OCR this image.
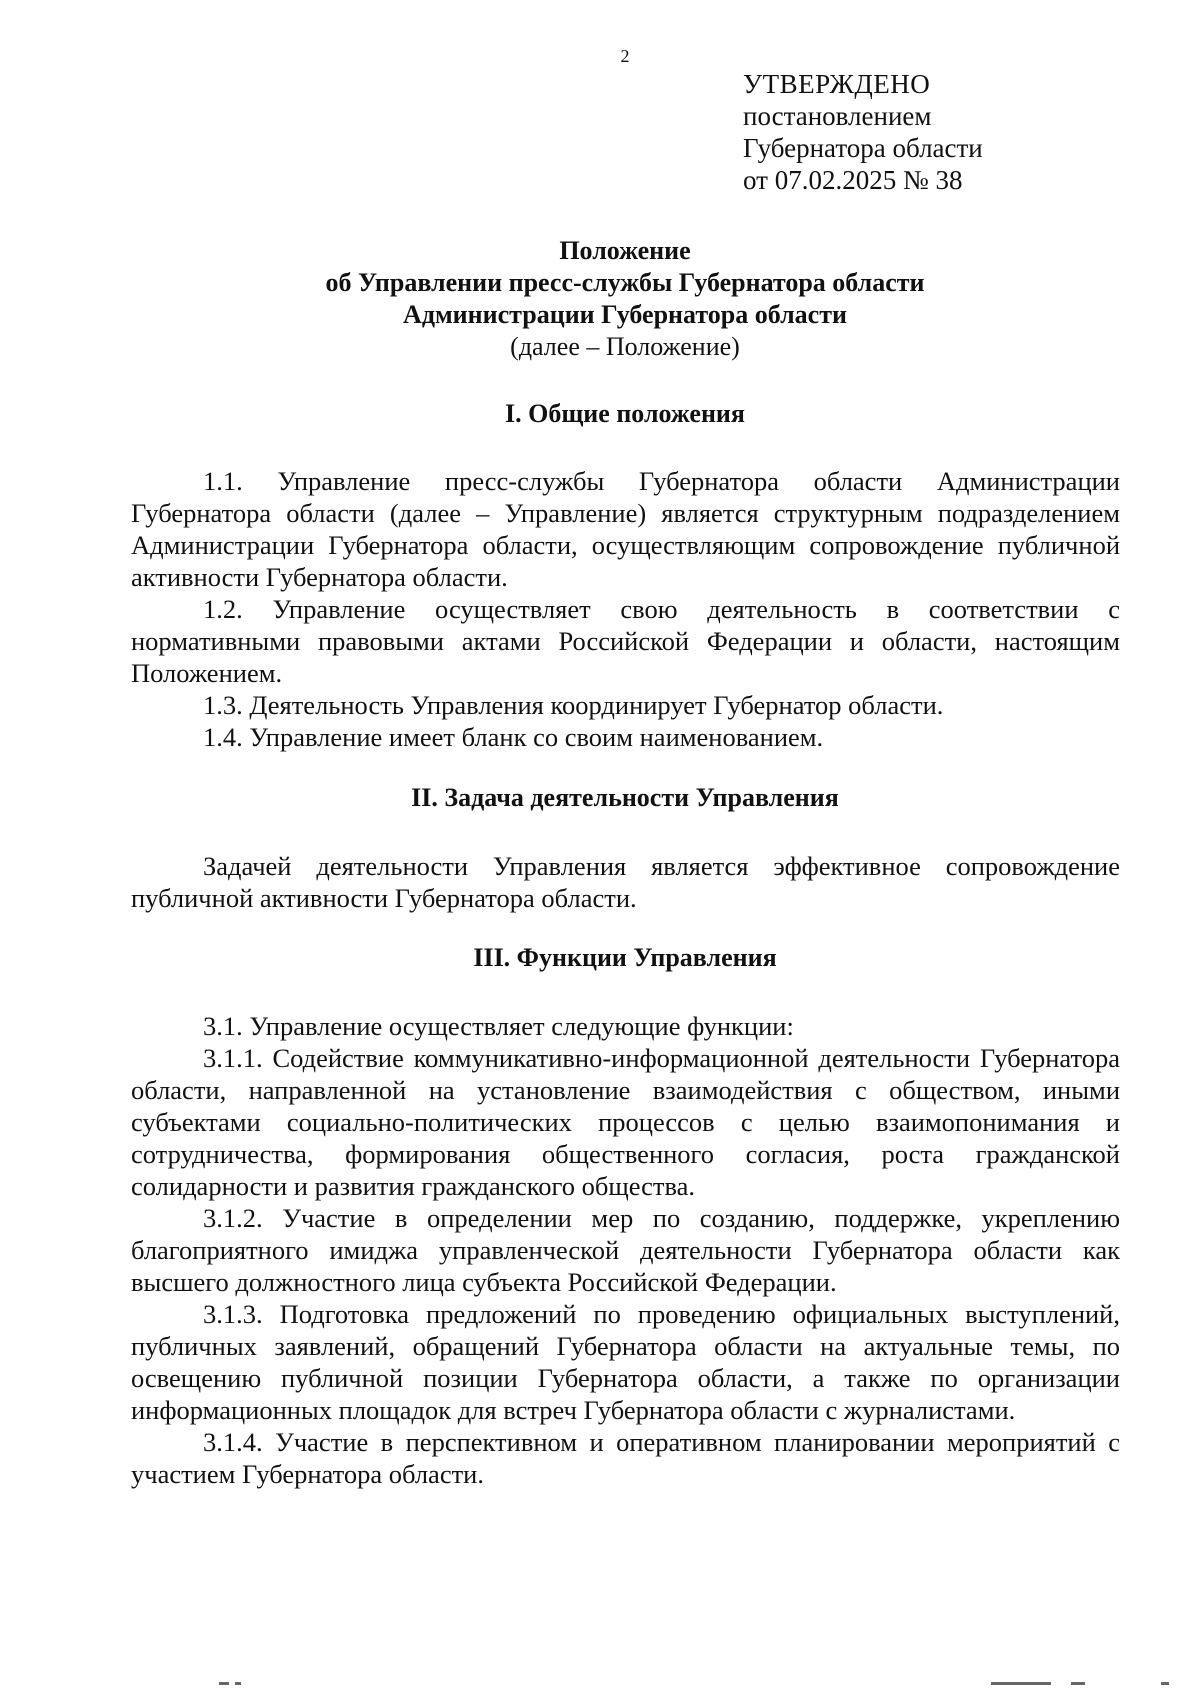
2
УТВЕРЖДЕНО
постановлением
Губернатора области
от 07.02.2025 № 38
Положение
об Управлении пресс-службы Губернатора области
Администрации Губернатора области
(далее – Положение)
I. Общие положения

1.1. Управление пресс-службы Губернатора области Администрации Губернатора области (далее – Управление) является структурным подразделением Администрации Губернатора области, осуществляющим сопровождение публичной активности Губернатора области.

1.2. Управление осуществляет свою деятельность в соответствии с нормативными правовыми актами Российской Федерации и области, настоящим Положением.

1.3. Деятельность Управления координирует Губернатор области.

1.4. Управление имеет бланк со своим наименованием.

II. Задача деятельности Управления

Задачей деятельности Управления является эффективное сопровождение публичной активности Губернатора области.

III. Функции Управления

3.1. Управление осуществляет следующие функции:

3.1.1. Содействие коммуникативно-информационной деятельности Губернатора области, направленной на установление взаимодействия с обществом, иными субъектами социально-политических процессов с целью взаимопонимания и сотрудничества, формирования общественного согласия, роста гражданской солидарности и развития гражданского общества.

3.1.2. Участие в определении мер по созданию, поддержке, укреплению благоприятного имиджа управленческой деятельности Губернатора области как высшего должностного лица субъекта Российской Федерации.

3.1.3. Подготовка предложений по проведению официальных выступлений, публичных заявлений, обращений Губернатора области на актуальные темы, по освещению публичной позиции Губернатора области, а также по организации информационных площадок для встреч Губернатора области с журналистами.

3.1.4. Участие в перспективном и оперативном планировании мероприятий с участием Губернатора области.
